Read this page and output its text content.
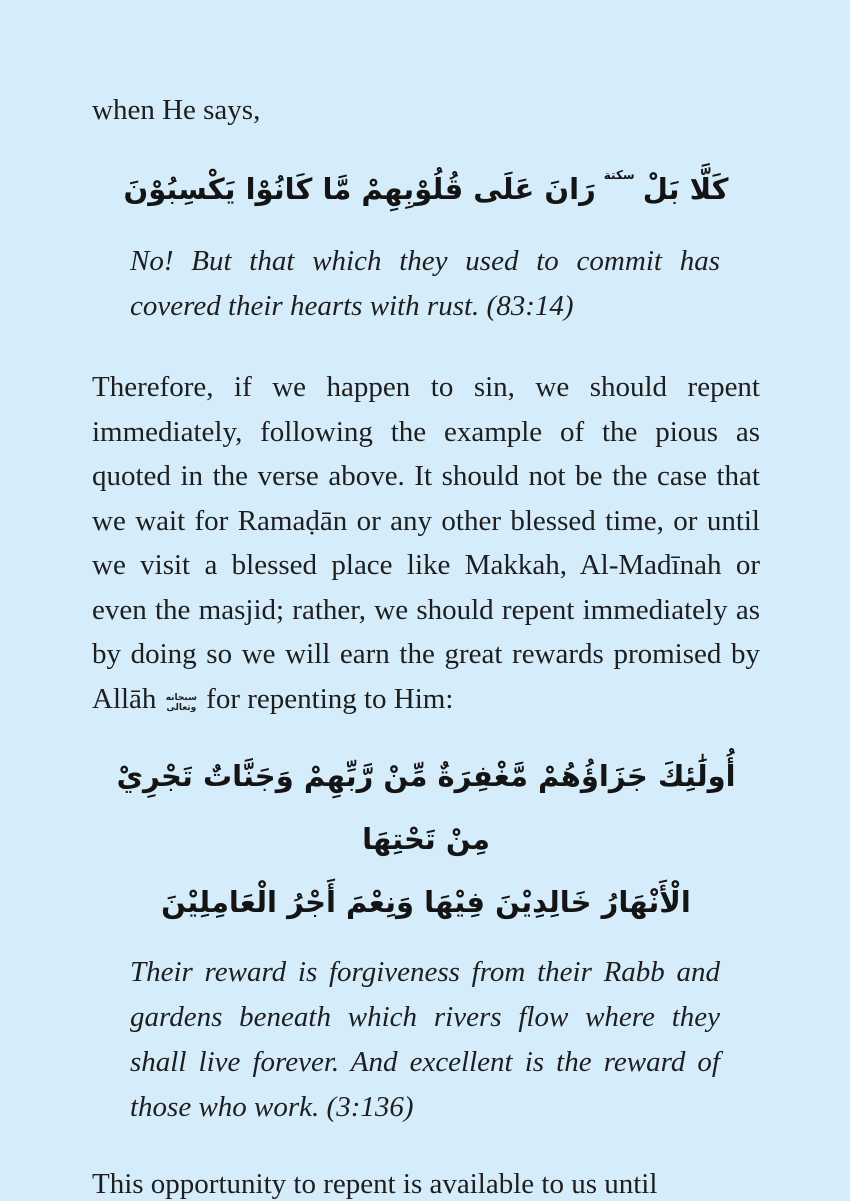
when He says,
كَلَّا بَلْسكتةرَانَ عَلَى قُلُوْبِهِمْ مَّا كَانُوْا يَكْسِبُوْنَ
No! But that which they used to commit has covered their hearts with rust. (83:14)
Therefore, if we happen to sin, we should repent immediately, following the example of the pious as quoted in the verse above. It should not be the case that we wait for Ramaḍān or any other blessed time, or until we visit a blessed place like Makkah, Al-Madīnah or even the masjid; rather, we should repent immediately as by doing so we will earn the great rewards promised by Allāh سبحانه
وتعالى for repenting to Him:
أُولَٰئِكَ جَزَاؤُهُمْ مَّغْفِرَةٌ مِّنْ رَّبِّهِمْ وَجَنَّاتٌ تَجْرِيْ مِنْ تَحْتِهَا
الْأَنْهَارُ خَالِدِيْنَ فِيْهَا وَنِعْمَ أَجْرُ الْعَامِلِيْنَ
Their reward is forgiveness from their Rabb and gardens beneath which rivers flow where they shall live forever. And excellent is the reward of those who work. (3:136)
This opportunity to repent is available to us until
